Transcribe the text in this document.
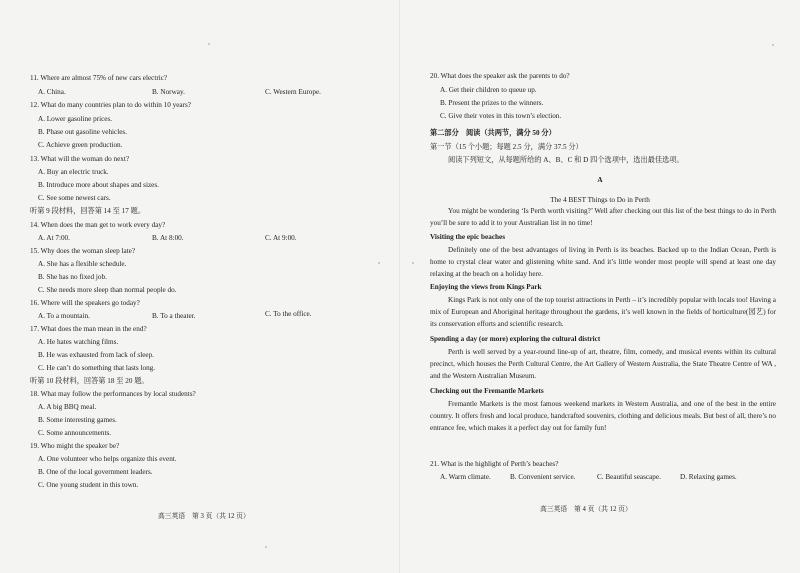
11. Where are almost 75% of new cars electric?
A. China.	B. Norway.	C. Western Europe.
12. What do many countries plan to do within 10 years?
A. Lower gasoline prices.
B. Phase out gasoline vehicles.
C. Achieve green production.
13. What will the woman do next?
A. Buy an electric truck.
B. Introduce more about shapes and sizes.
C. See some newest cars.
听第 9 段材料，回答第 14 至 17 题。
14. When does the man get to work every day?
A. At 7:00.	B. At 8:00.	C. At 9:00.
15. Why does the woman sleep late?
A. She has a flexible schedule.
B. She has no fixed job.
C. She needs more sleep than normal people do.
16. Where will the speakers go today?
A. To a mountain.	B. To a theater.	C. To the office.
17. What does the man mean in the end?
A. He hates watching films.
B. He was exhausted from lack of sleep.
C. He can’t do something that lasts long.
听第 10 段材料，回答第 18 至 20 题。
18. What may follow the performances by local students?
A. A big BBQ meal.
B. Some interesting games.
C. Some announcements.
19. Who might the speaker be?
A. One volunteer who helps organize this event.
B. One of the local government leaders.
C. One young student in this town.
高三英语　第 3 页（共 12 页）
20. What does the speaker ask the parents to do?
A. Get their children to queue up.
B. Present the prizes to the winners.
C. Give their votes in this town’s election.
第二部分　阅读（共两节，满分 50 分）
第一节（15 个小题；每题 2.5 分，满分 37.5 分）
阅读下列短文，从每题所给的 A、B、C 和 D 四个选项中，选出最佳选项。
A
The 4 BEST Things to Do in Perth
You might be wondering ‘Is Perth worth visiting?’ Well after checking out this list of the best things to do in Perth you’ll be sure to add it to your Australian list in no time!
Visiting the epic beaches
Definitely one of the best advantages of living in Perth is its beaches. Backed up to the Indian Ocean, Perth is home to crystal clear water and glistening white sand. And it’s little wonder most people will spend at least one day relaxing at the beach on a holiday here.
Enjoying the views from Kings Park
Kings Park is not only one of the top tourist attractions in Perth – it’s incredibly popular with locals too! Having a mix of European and Aboriginal heritage throughout the gardens, it’s well known in the fields of horticulture(园艺) for its conservation efforts and scientific research.
Spending a day (or more) exploring the cultural district
Perth is well served by a year-round line-up of art, theatre, film, comedy, and musical events within its cultural precinct, which houses the Perth Cultural Centre, the Art Gallery of Western Australia, the State Theatre Centre of WA , and the Western Australian Museum.
Checking out the Fremantle Markets
Fremantle Markets is the most famous weekend markets in Western Australia, and one of the best in the entire country. It offers fresh and local produce, handcrafted souvenirs, clothing and delicious meals. But best of all, there’s no entrance fee, which makes it a perfect day out for family fun!
21. What is the highlight of Perth’s beaches?
A. Warm climate.	B. Convenient service.	C. Beautiful seascape.	D. Relaxing games.
高三英语　第 4 页（共 12 页）
